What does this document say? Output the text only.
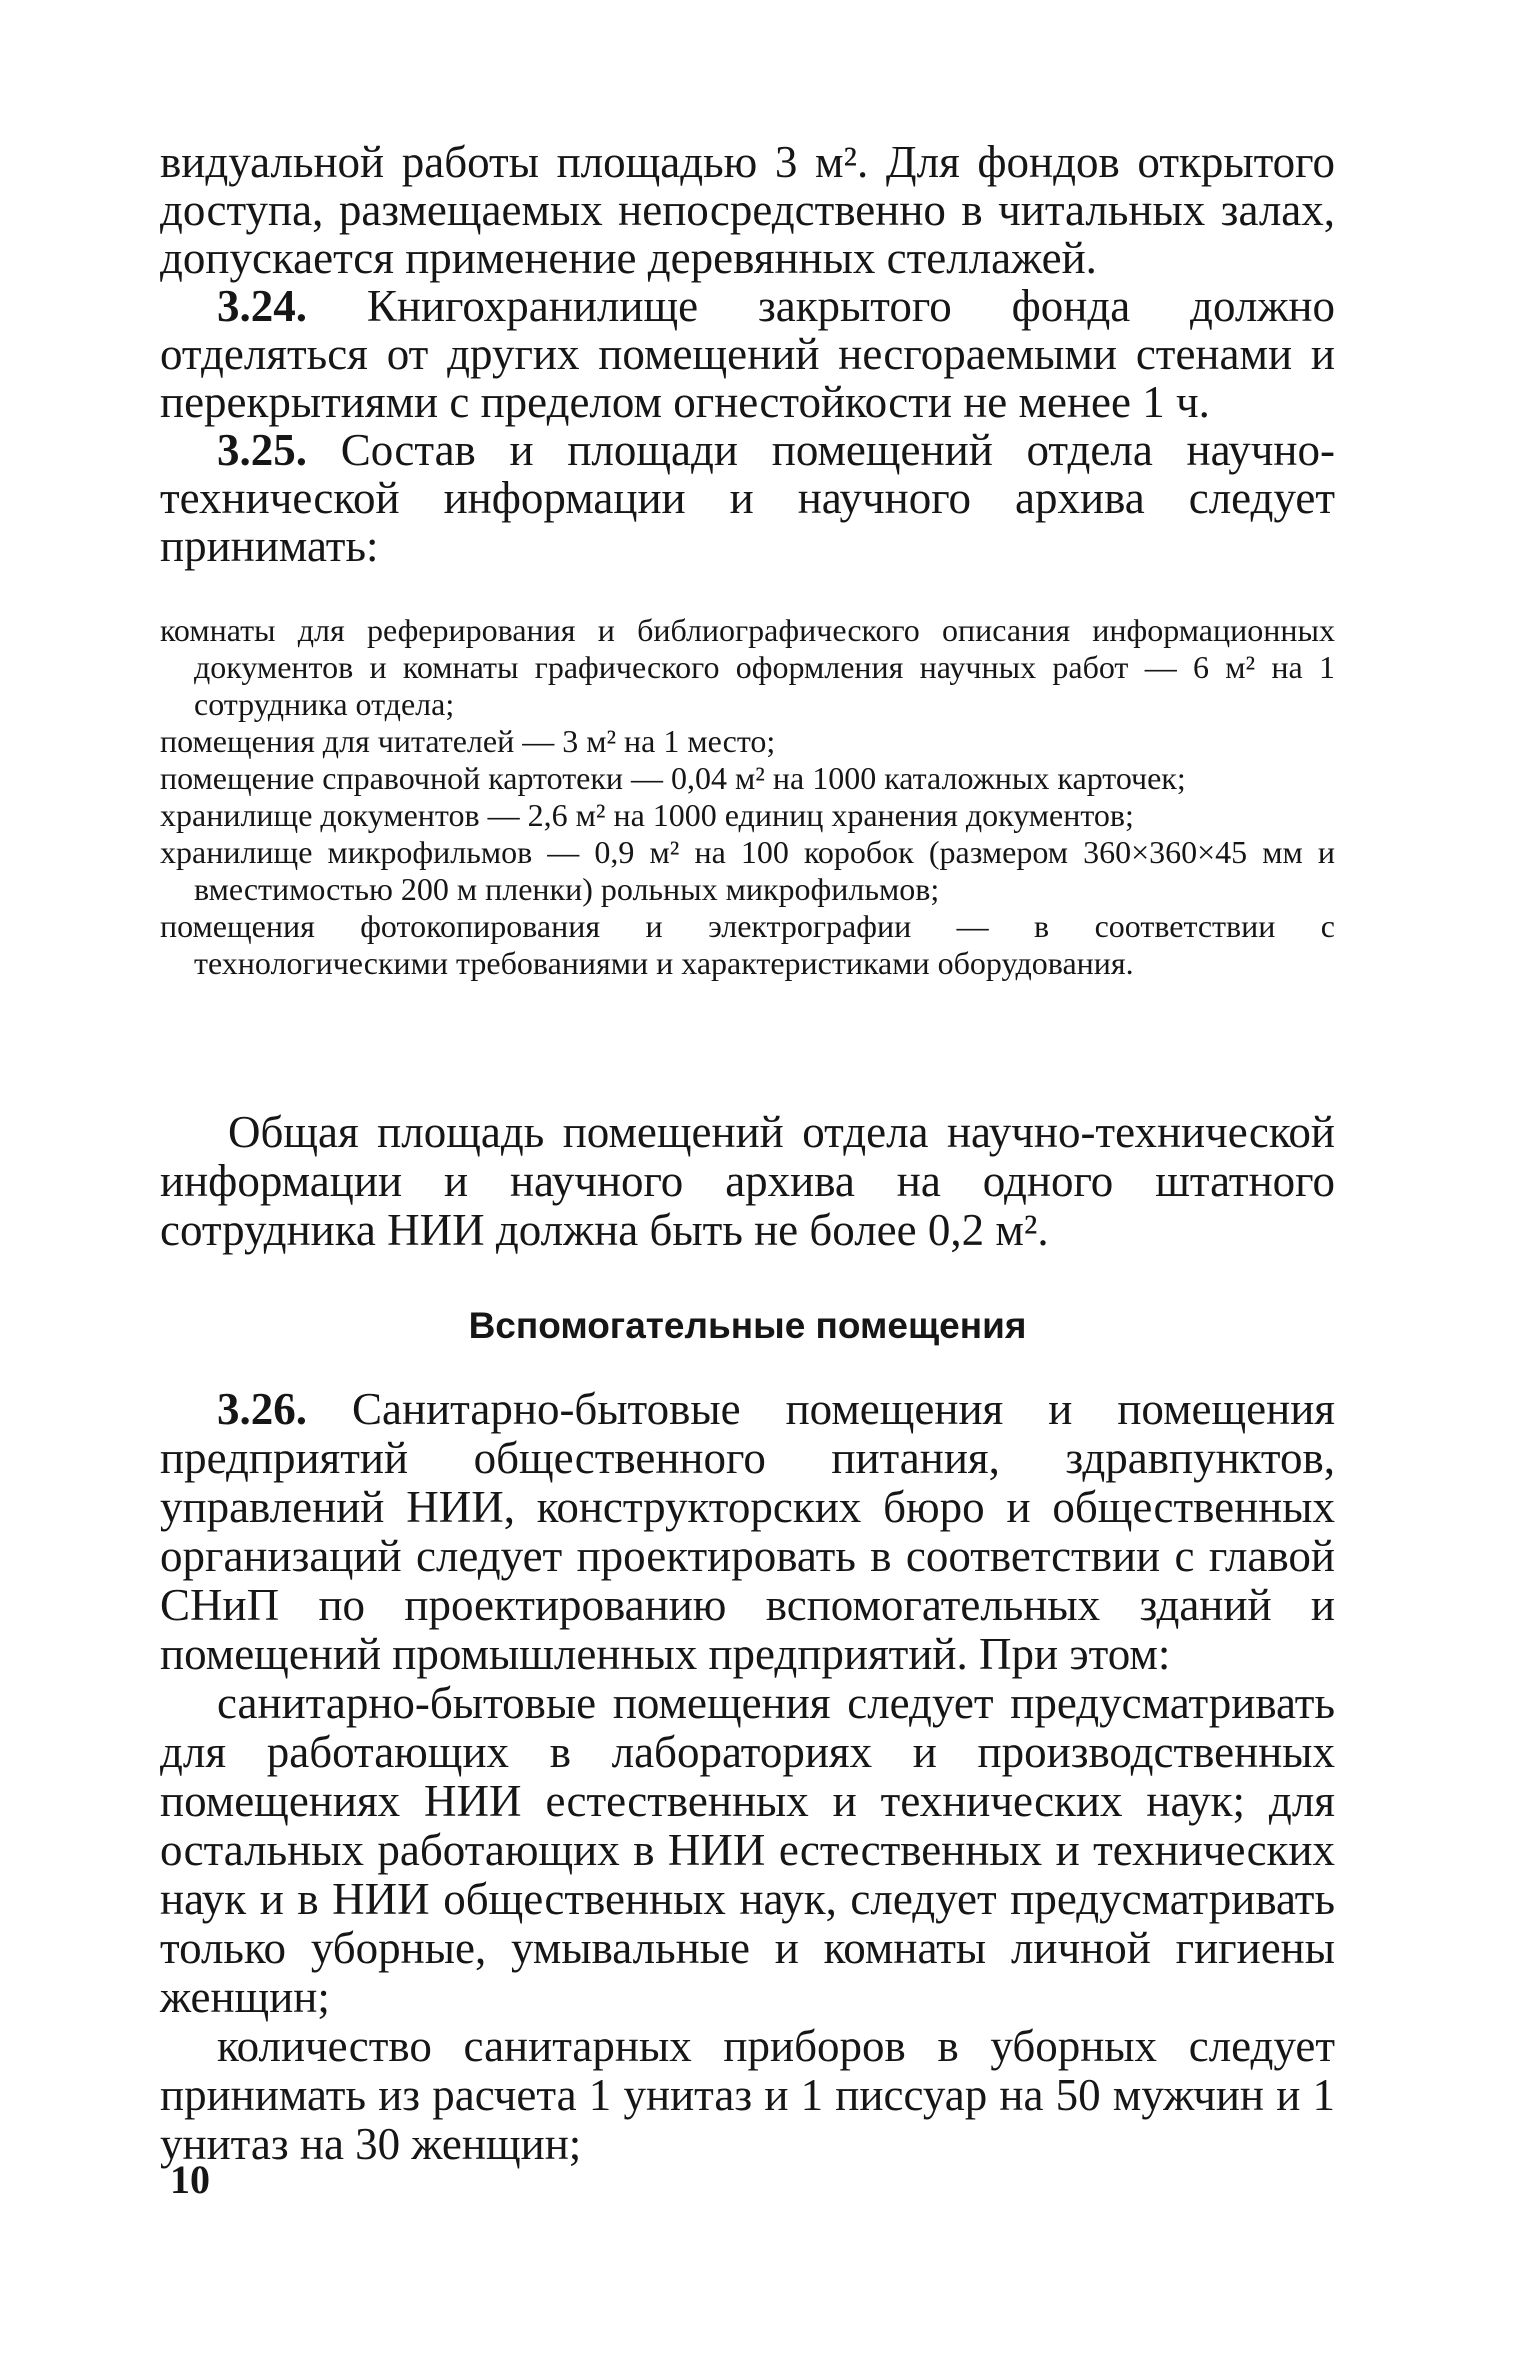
видуальной работы площадью 3 м². Для фондов открытого доступа, размещаемых непосредственно в читальных залах, допускается применение деревянных стеллажей.

3.24. Книгохранилище закрытого фонда должно отделяться от других помещений несгораемыми стенами и перекрытиями с пределом огнестойкости не менее 1 ч.

3.25. Состав и площади помещений отдела научно-технической информации и научного архива следует принимать:

комнаты для реферирования и библиографического описания информационных документов и комнаты графического оформления научных работ — 6 м² на 1 сотрудника отдела;

помещения для читателей — 3 м² на 1 место;

помещение справочной картотеки — 0,04 м² на 1000 каталожных карточек;

хранилище документов — 2,6 м² на 1000 единиц хранения документов;

хранилище микрофильмов — 0,9 м² на 100 коробок (размером 360×360×45 мм и вместимостью 200 м пленки) рольных микрофильмов;

помещения фотокопирования и электрографии — в соответствии с технологическими требованиями и характеристиками оборудования.

Общая площадь помещений отдела научно-технической информации и научного архива на одного штатного сотрудника НИИ должна быть не более 0,2 м².

Вспомогательные помещения

3.26. Санитарно-бытовые помещения и помещения предприятий общественного питания, здравпунктов, управлений НИИ, конструкторских бюро и общественных организаций следует проектировать в соответствии с главой СНиП по проектированию вспомогательных зданий и помещений промышленных предприятий. При этом:

санитарно-бытовые помещения следует предусматривать для работающих в лабораториях и производственных помещениях НИИ естественных и технических наук; для остальных работающих в НИИ естественных и технических наук и в НИИ общественных наук, следует предусматривать только уборные, умывальные и комнаты личной гигиены женщин;

количество санитарных приборов в уборных следует принимать из расчета 1 унитаз и 1 писсуар на 50 мужчин и 1 унитаз на 30 женщин;

10
